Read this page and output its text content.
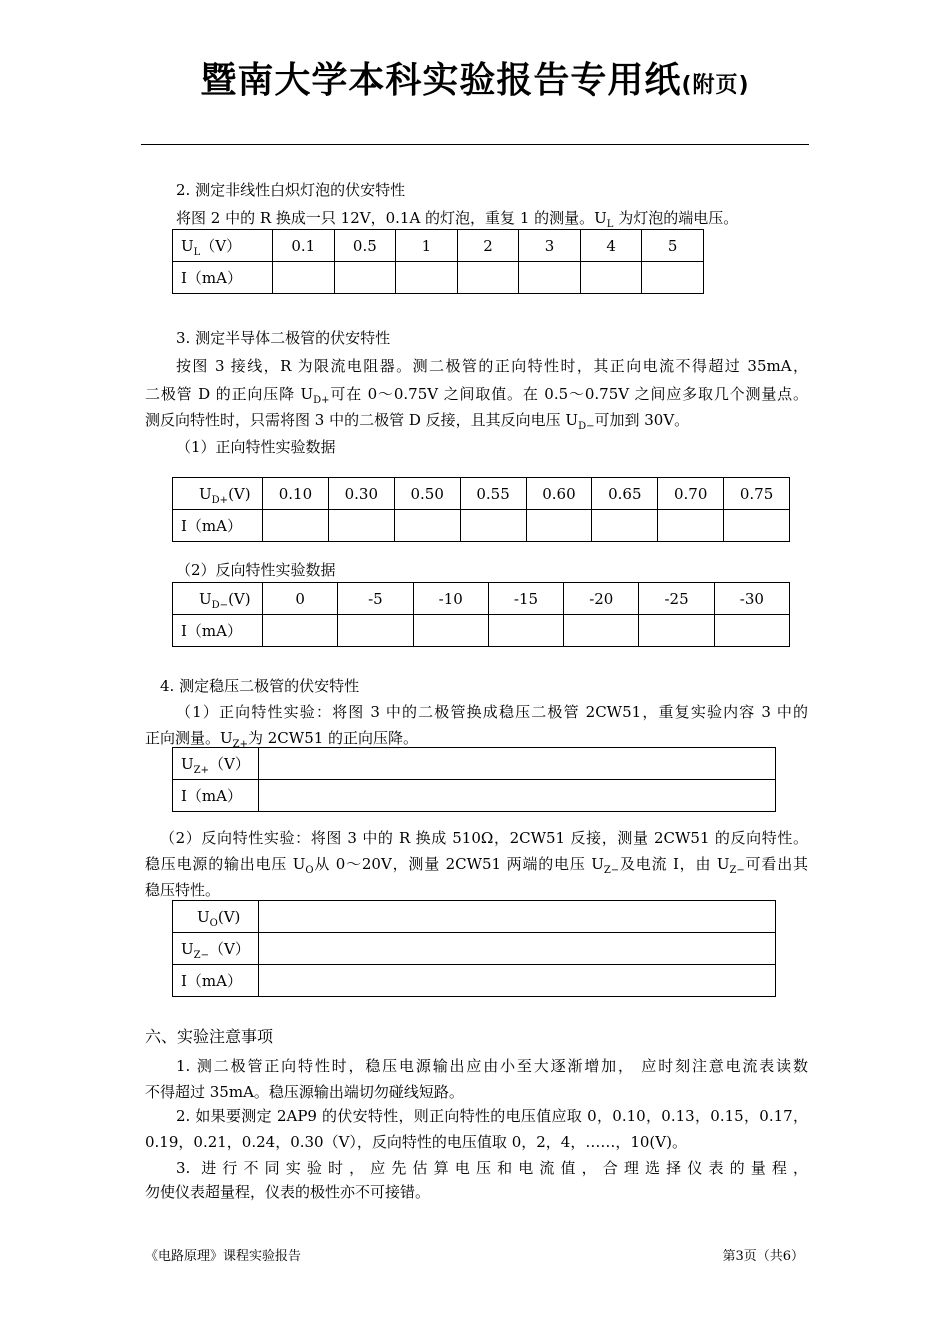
暨南大学本科实验报告专用纸(附页)
2. 测定非线性白炽灯泡的伏安特性
将图 2 中的 R 换成一只 12V，0.1A 的灯泡，重复 1 的测量。$U_L$ 为灯泡的端电压。
$U_L(V)$	0.1	0.5	1	2	3	4	5
I（mA）							
3. 测定半导体二极管的伏安特性
按图 3 接线，R 为限流电阻器。测二极管的正向特性时，其正向电流不得超过 35mA，
二极管 D 的正向压降 $U_{D+}$可在 0～0.75V 之间取值。在 0.5～0.75V 之间应多取几个测量点。
测反向特性时，只需将图 3 中的二极管 D 反接，且其反向电压 $U_{D-}$可加到 30V。
（1）正向特性实验数据
$U_{D+}(V)$	0.10	0.30	0.50	0.55	0.60	0.65	0.70	0.75
I（mA）								
（2）反向特性实验数据
$U_{D-}(V)$	0	-5	-10	-15	-20	-25	-30
I（mA）							
4. 测定稳压二极管的伏安特性
（1）正向特性实验：将图 3 中的二极管换成稳压二极管 2CW51，重复实验内容 3 中的
正向测量。$U_{Z+}$为 2CW51 的正向压降。
$U_{Z+}(V)$	
I（mA）	
（2）反向特性实验：将图 3 中的 R 换成 510Ω，2CW51 反接，测量 2CW51 的反向特性。
稳压电源的输出电压 $U_O$从 0～20V，测量 2CW51 两端的电压 $U_{Z-}$及电流 I，由 $U_{Z-}$可看出其
稳压特性。
$U_O(V)$	
$U_{Z-}(V)$	
I（mA）	
六、实验注意事项
1. 测二极管正向特性时，稳压电源输出应由小至大逐渐增加， 应时刻注意电流表读数
不得超过 35mA。稳压源输出端切勿碰线短路。
2. 如果要测定 2AP9 的伏安特性，则正向特性的电压值应取 0，0.10，0.13，0.15，0.17，
0.19，0.21，0.24，0.30（V），反向特性的电压值取 0，2，4，……，10(V)。
3. 进行不同实验时，应先估算电压和电流值，合理选择仪表的量程，
勿使仪表超量程，仪表的极性亦不可接错。
《电路原理》课程实验报告	第3页（共6）
